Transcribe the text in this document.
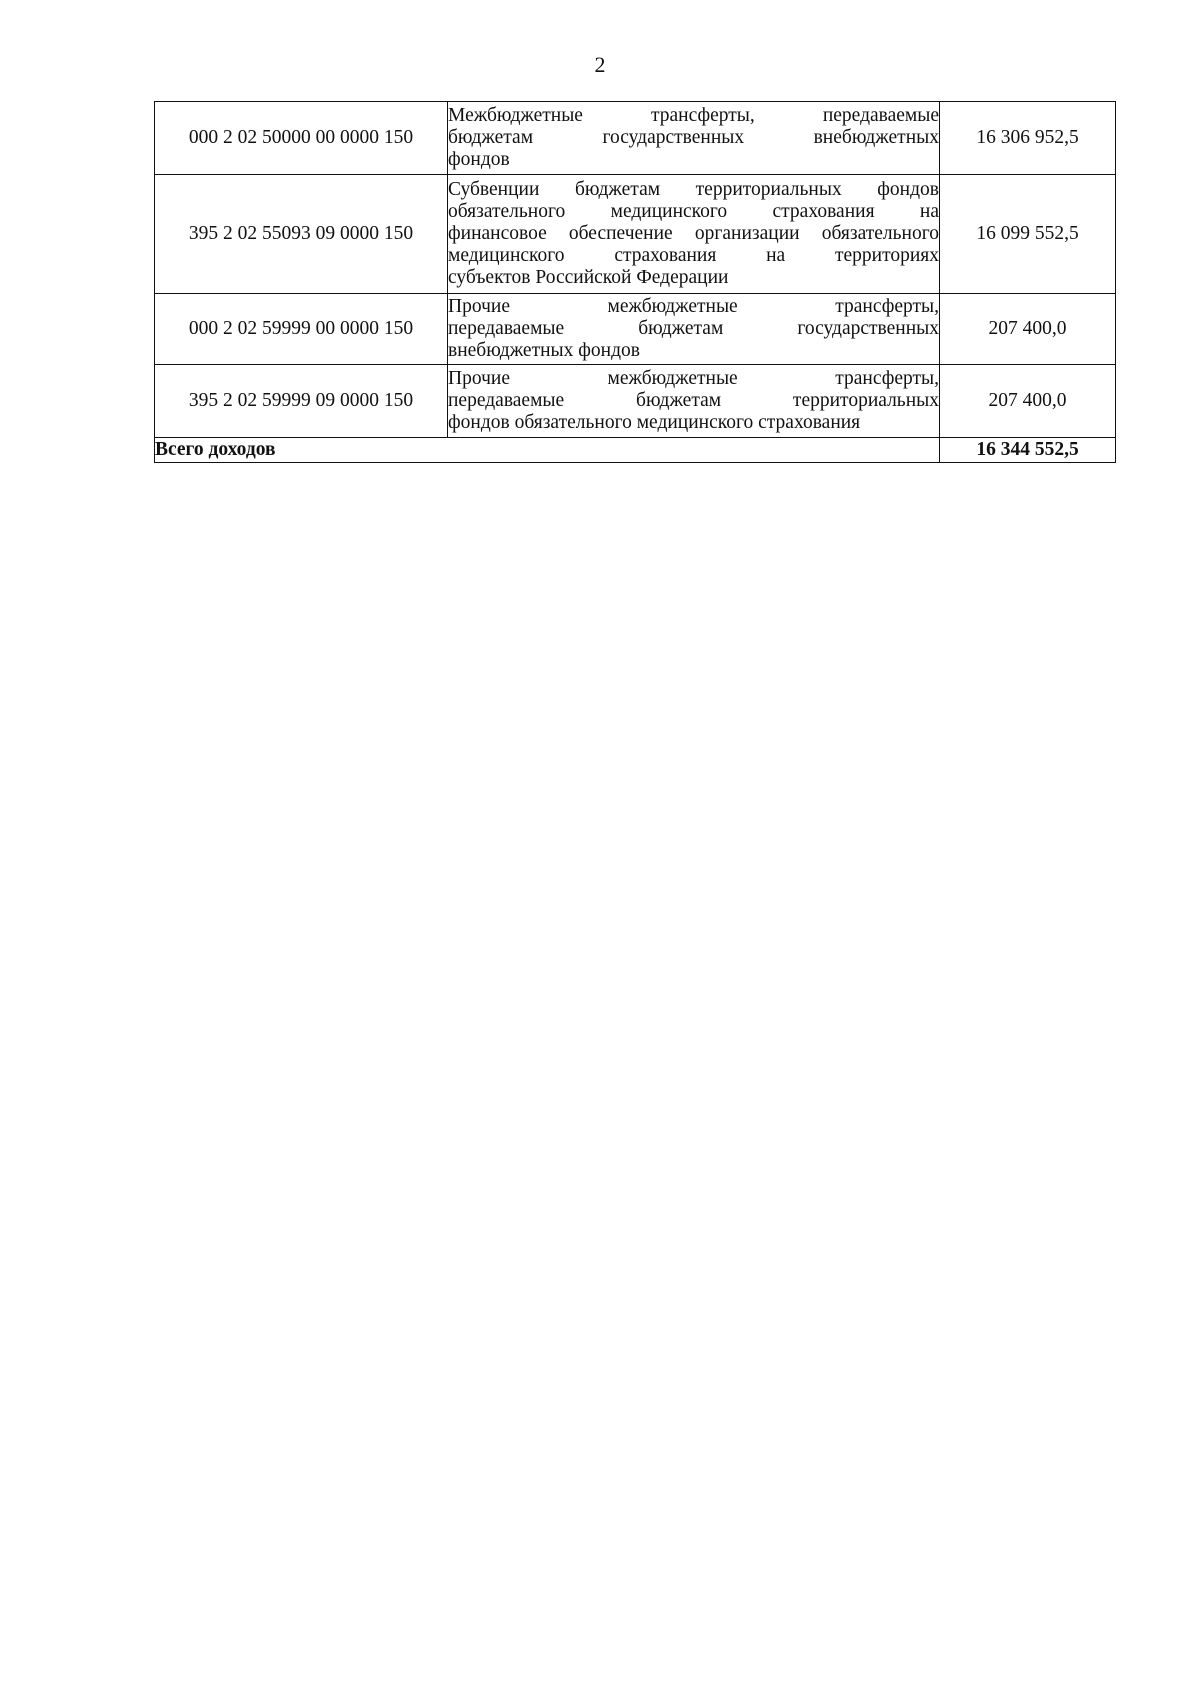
2
000 2 02 50000 00 0000 150	Межбюджетные трансферты, передаваемые
бюджетам государственных внебюджетных
фондов	16 306 952,5
395 2 02 55093 09 0000 150	Субвенции бюджетам территориальных фондов
обязательного медицинского страхования на
финансовое обеспечение организации обязательного
медицинского страхования на территориях
субъектов Российской Федерации	16 099 552,5
000 2 02 59999 00 0000 150	Прочие межбюджетные трансферты,
передаваемые бюджетам государственных
внебюджетных фондов	207 400,0
395 2 02 59999 09 0000 150	Прочие межбюджетные трансферты,
передаваемые бюджетам территориальных
фондов обязательного медицинского страхования	207 400,0
Всего доходов		16 344 552,5
